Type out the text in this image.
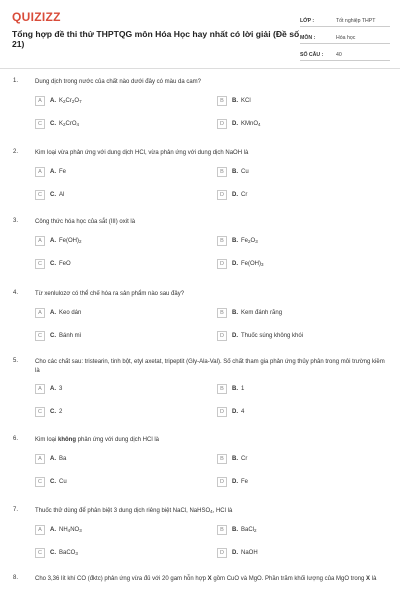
QUIZIZZ
Tổng hợp đề thi thử THPTQG môn Hóa Học hay nhất có lời giải (Đề số 21)
LỚP :	Tốt nghiệp THPT
MÔN :	Hóa học
SỐ CÂU :	40
1.	Dung dịch trong nước của chất nào dưới đây có màu da cam?
A	A. $K_2Cr_2O_7$	B	B. KCl
C	C. $K_2CrO_4$	D	D. KMnO$_4$
2.	Kim loại vừa phản ứng với dung dịch HCl, vừa phản ứng với dung dịch NaOH là
A	A. Fe	B	B. Cu
C	C. Al	D	D. Cr
3.	Công thức hóa học của sắt (III) oxit là
A	A. $Fe(OH)_2$	B	B. $Fe_2O_3$
C	C. FeO	D	D. $Fe(OH)_3$
4.	Từ xenlulozơ có thể chế hóa ra sản phẩm nào sau đây?
A	A. Keo dán	B	B. Kem đánh răng
C	C. Bánh mì	D	D. Thuốc súng không khói
5.	Cho các chất sau: tristearin, tinh bột, etyl axetat, tripeptit (Gly-Ala-Val). Số chất tham gia phản ứng thủy phân trong môi trường kiềm là
A	A. 3	B	B. 1
C	C. 2	D	D. 4
6.	Kim loại không phản ứng với dung dịch HCl là
A	A. Ba	B	B. Cr
C	C. Cu	D	D. Fe
7.	Thuốc thử dùng để phân biệt 3 dung dịch riêng biệt NaCl, NaHSO$_4$, HCl là
A	A. $NH_4NO_3$	B	B. BaCl$_2$
C	C. BaCO$_3$	D	D. NaOH
8.	Cho 3,36 lít khí CO (đktc) phản ứng vừa đủ với 20 gam hỗn hợp X gồm CuO và MgO. Phần trăm khối lượng của MgO trong X là
